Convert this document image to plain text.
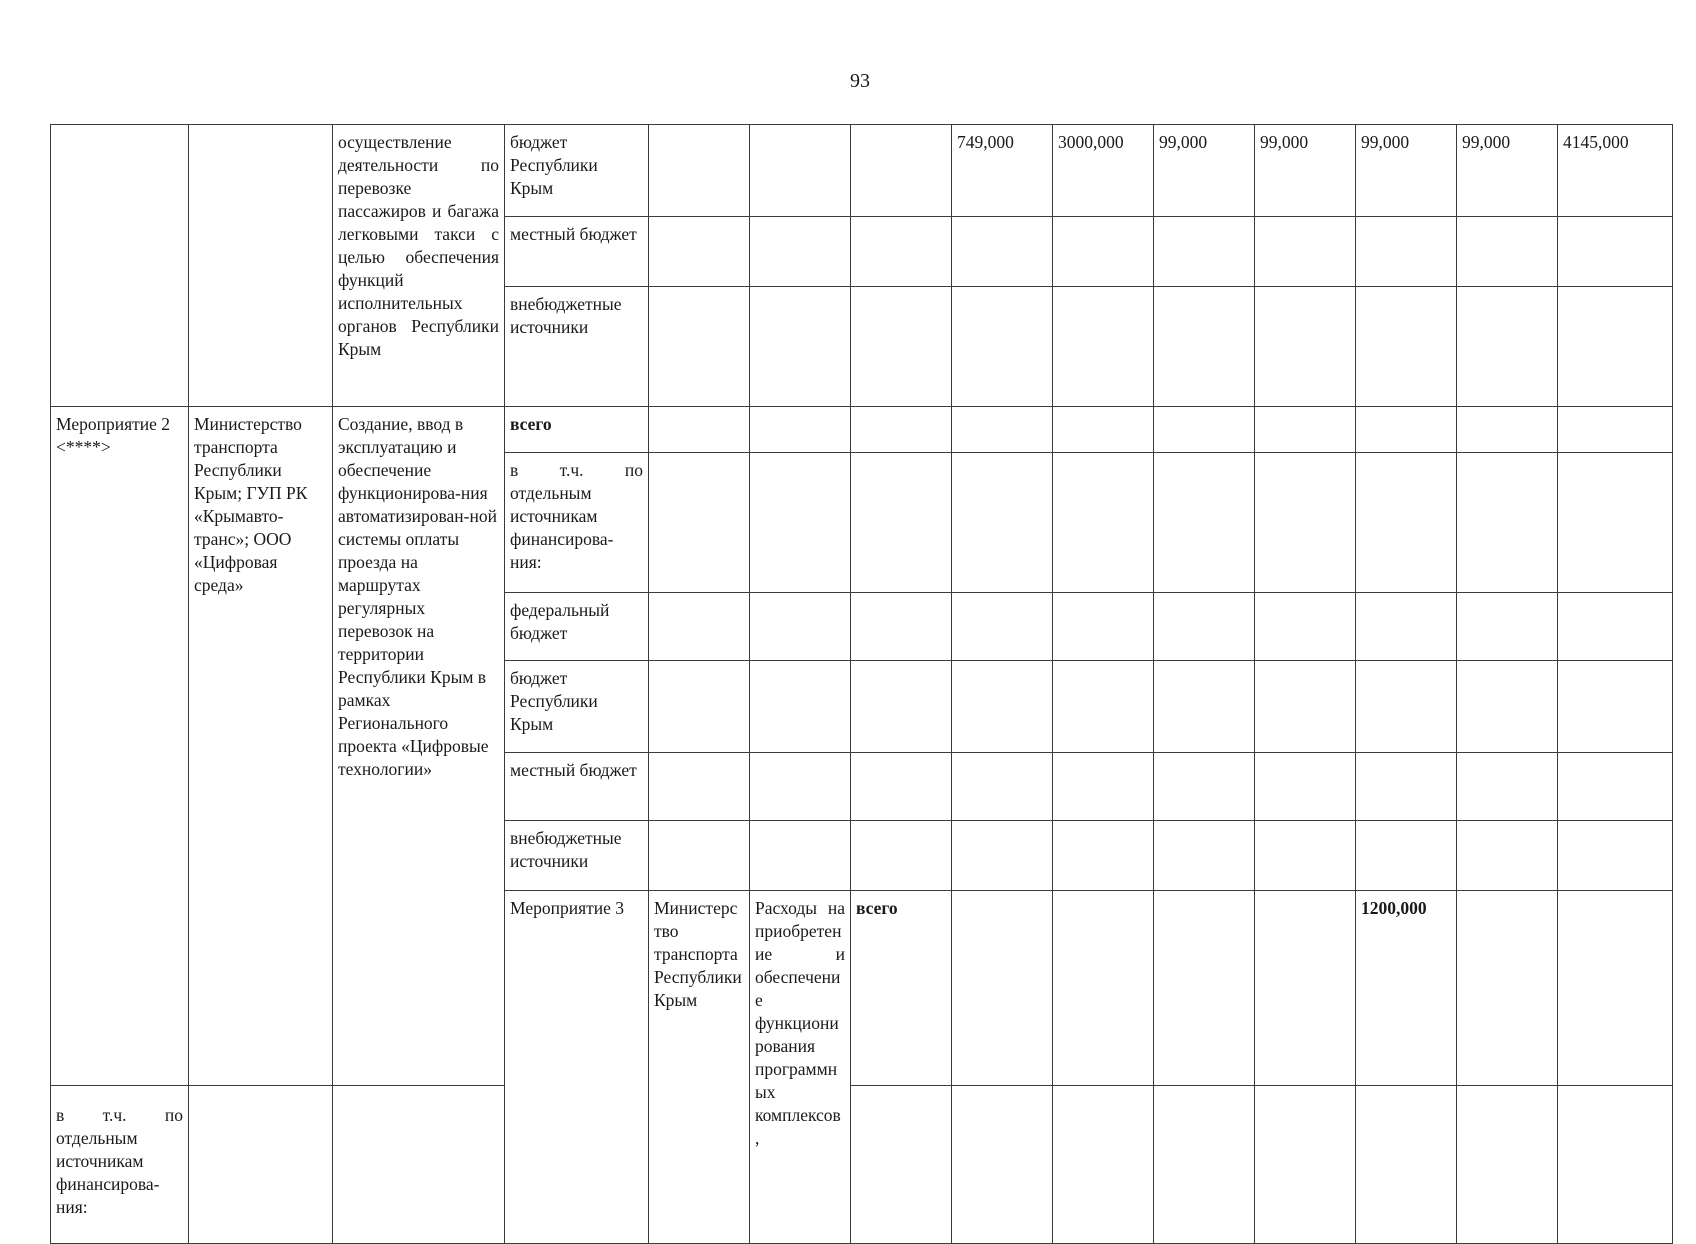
93
		осуществление деятельности по перевозке пассажиров и багажа легковыми такси с целью обеспечения функций исполнительных органов Республики Крым	бюджет Республики Крым				749,000	3000,000	99,000	99,000	99,000	99,000	4145,000	
			местный бюджет											
			внебюджетные источники											
Мероприятие 2 <****>	Министерство транспорта Республики Крым; ГУП РК «Крымавто-транс»; ООО «Цифровая среда»	Создание, ввод в эксплуатацию и обеспечение функционирова-ния автоматизирован-ной системы оплаты проезда на маршрутах регулярных перевозок на территории Республики Крым в рамках Регионального проекта «Цифровые технологии»	всего											
			в т.ч. по отдельным источникам финансирова-ния:											
			федеральный бюджет											
			бюджет Республики Крым											
			местный бюджет											
			внебюджетные источники											
			Мероприятие 3	Министерство транспорта Республики Крым	Расходы на приобретение и обеспечение функционирования программных комплексов,	всего					1200,000					
в т.ч. по отдельным источникам финансирова-ния:														
